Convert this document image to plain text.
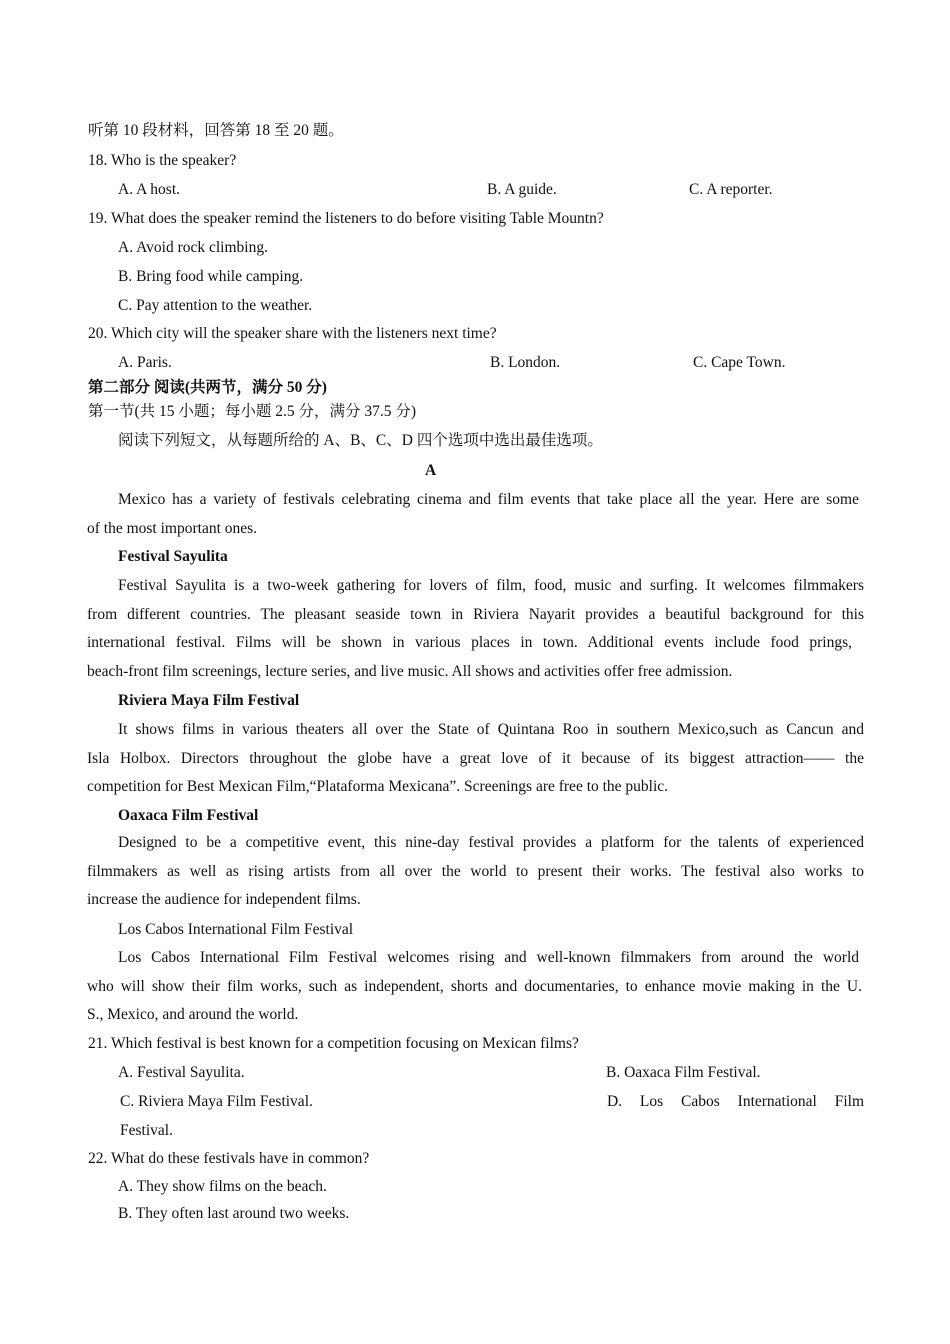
听第 10 段材料，回答第 18 至 20 题。
18. Who is the speaker?
A. A host.	B. A guide.	C. A reporter.
19. What does the speaker remind the listeners to do before visiting Table Mountn?
A. Avoid rock climbing.
B. Bring food while camping.
C. Pay attention to the weather.
20. Which city will the speaker share with the listeners next time?
A. Paris.	B. London.	C. Cape Town.
第二部分 阅读(共两节，满分 50 分)
第一节(共 15 小题；每小题 2.5 分，满分 37.5 分)
阅读下列短文，从每题所给的 A、B、C、D 四个选项中选出最佳选项。
A
Mexico has a variety of festivals celebrating cinema and film events that take place all the year. Here are some
of the most important ones.
Festival Sayulita
Festival Sayulita is a two-week gathering for lovers of film, food, music and surfing. It welcomes filmmakers
from different countries. The pleasant seaside town in Riviera Nayarit provides a beautiful background for this
international festival. Films will be shown in various places in town. Additional events include food prings,
beach-front film screenings, lecture series, and live music. All shows and activities offer free admission.
Riviera Maya Film Festival
It shows films in various theaters all over the State of Quintana Roo in southern Mexico,such as Cancun and
Isla Holbox. Directors throughout the globe have a great love of it because of its biggest attraction—— the
competition for Best Mexican Film,“Plataforma Mexicana”. Screenings are free to the public.
Oaxaca Film Festival
Designed to be a competitive event, this nine-day festival provides a platform for the talents of experienced
filmmakers as well as rising artists from all over the world to present their works. The festival also works to
increase the audience for independent films.
Los Cabos International Film Festival
Los Cabos International Film Festival welcomes rising and well-known filmmakers from around the world
who will show their film works, such as independent, shorts and documentaries, to enhance movie making in the U.
S., Mexico, and around the world.
21. Which festival is best known for a competition focusing on Mexican films?
A. Festival Sayulita.	B. Oaxaca Film Festival.
C. Riviera Maya Film Festival.	D. Los Cabos International Film
Festival.
22. What do these festivals have in common?
A. They show films on the beach.
B. They often last around two weeks.
